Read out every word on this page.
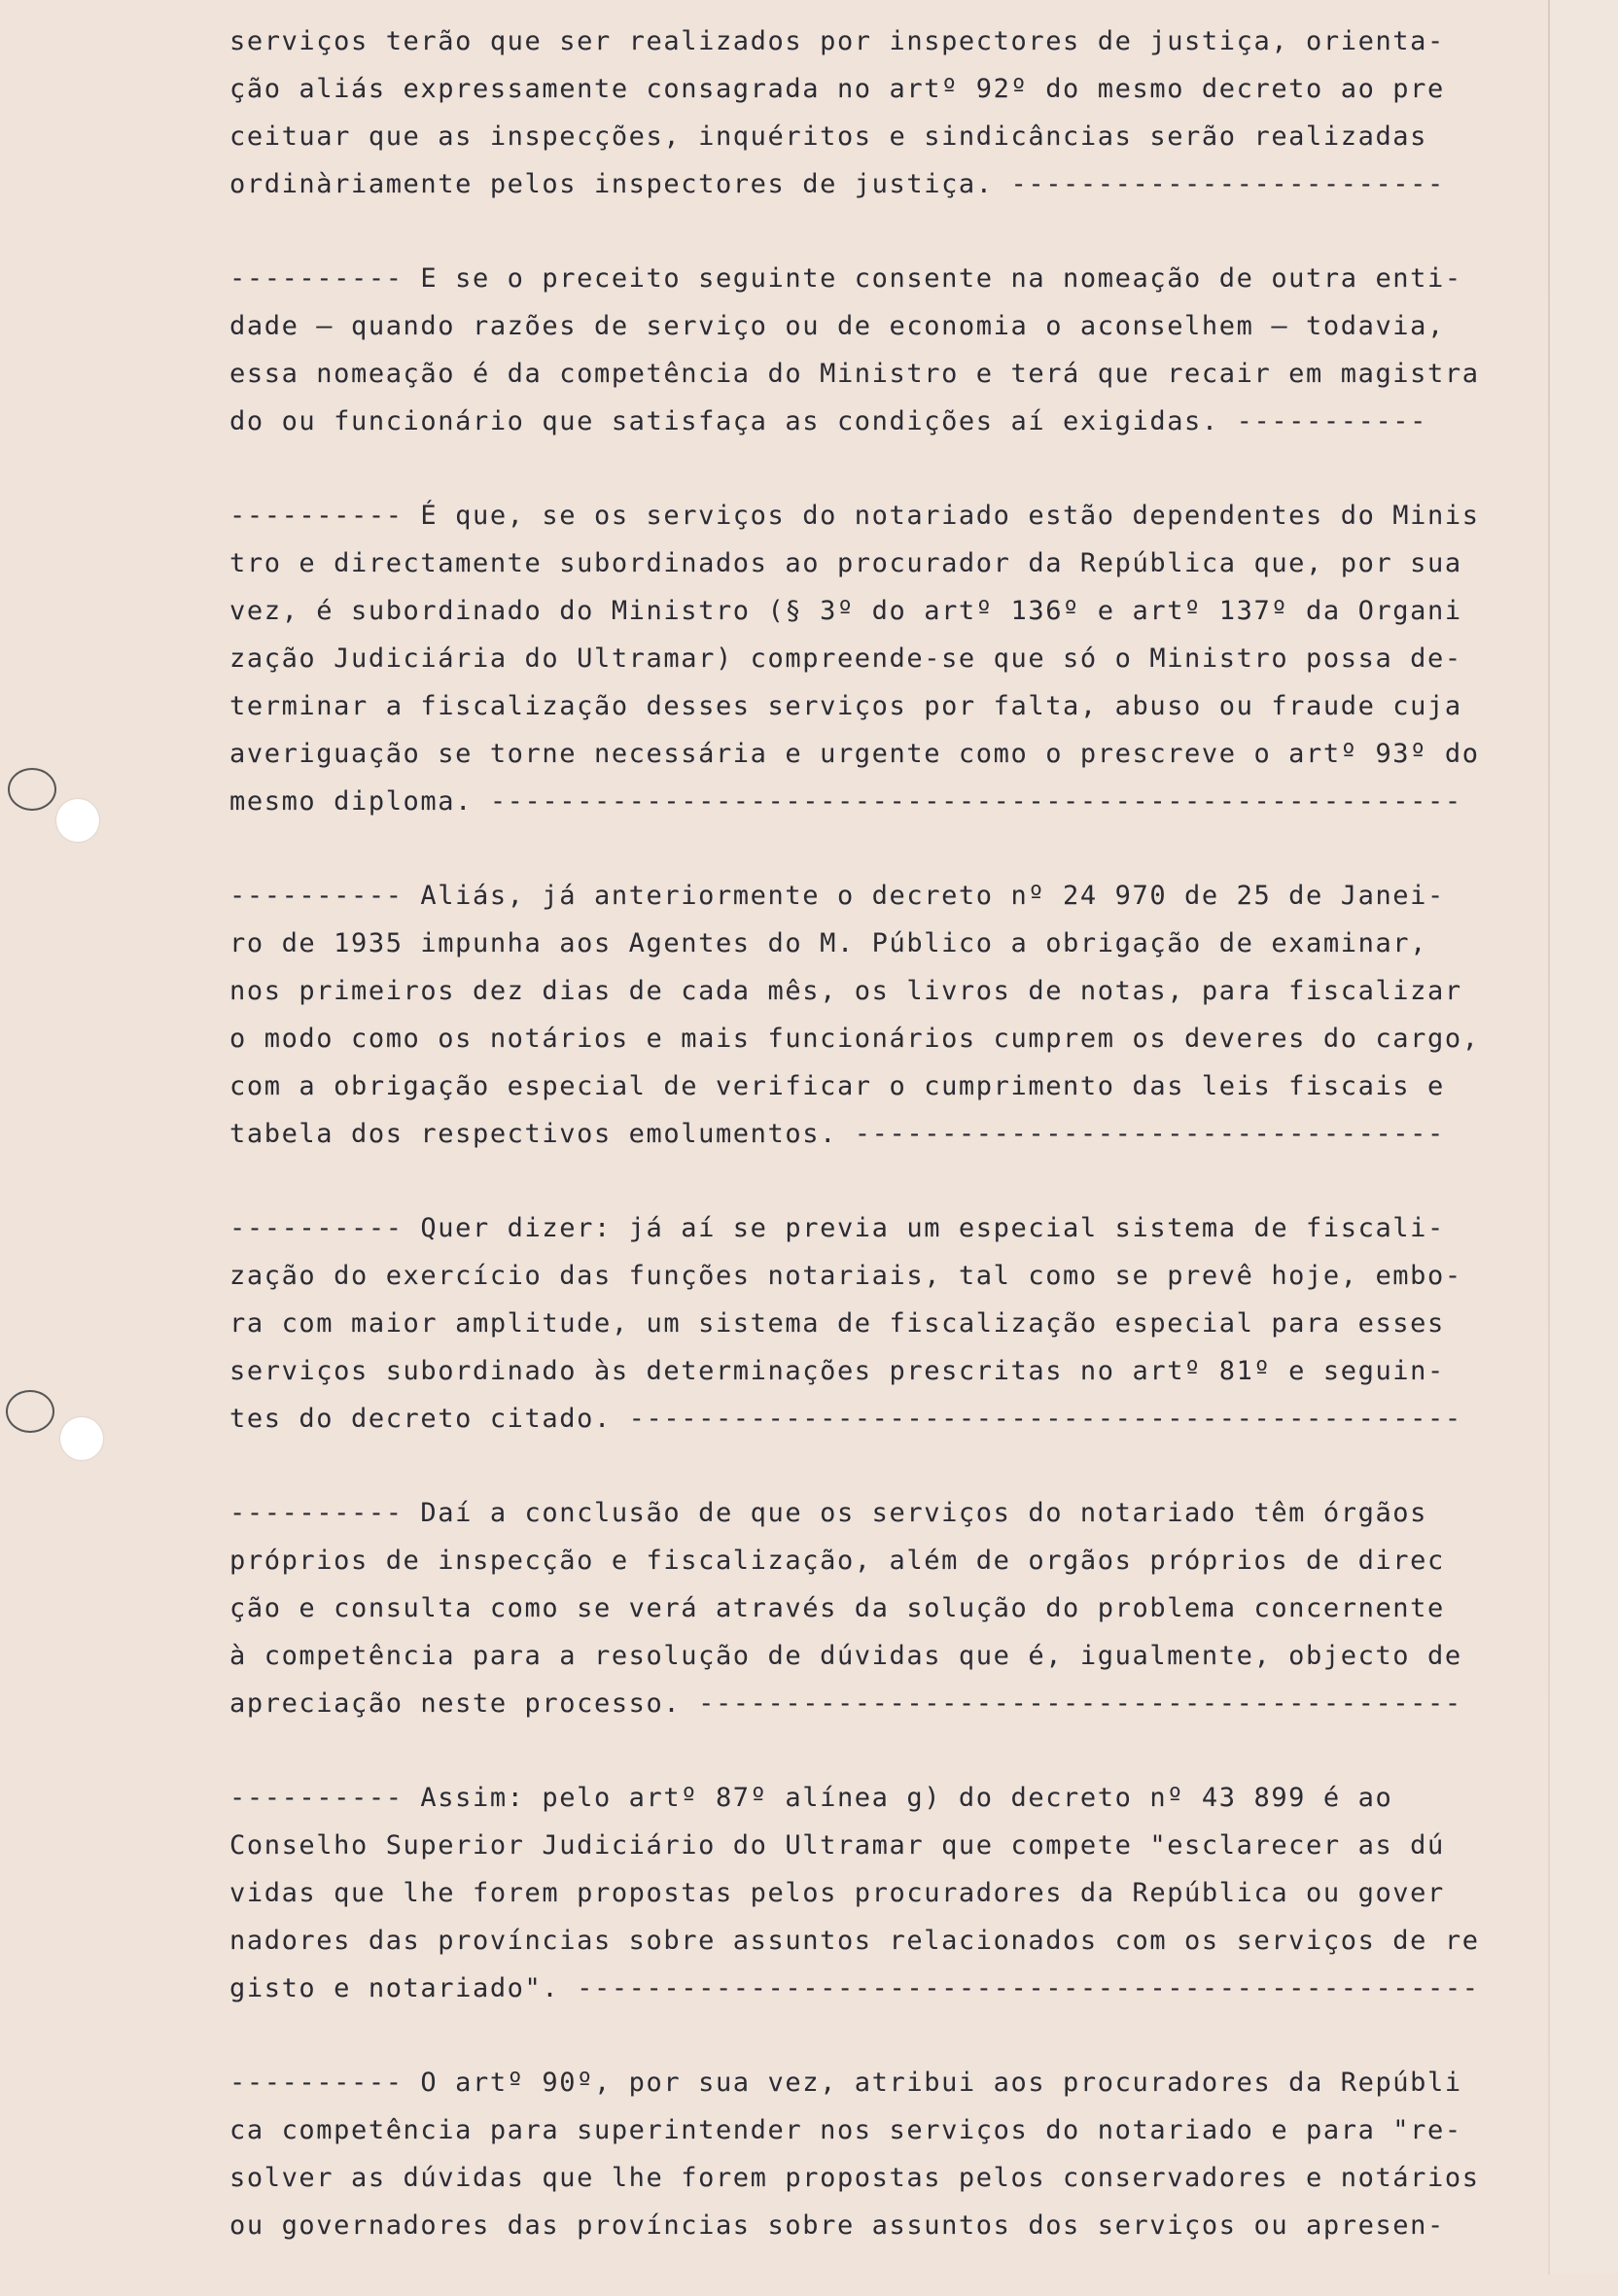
serviços terão que ser realizados por inspectores de justiça, orienta-
ção aliás expressamente consagrada no artº 92º do mesmo decreto ao pre
ceituar que as inspecções, inquéritos e sindicâncias serão realizadas
ordinàriamente pelos inspectores de justiça. -------------------------
---------- E se o preceito seguinte consente na nomeação de outra enti-
dade — quando razões de serviço ou de economia o aconselhem — todavia,
essa nomeação é da competência do Ministro e terá que recair em magistra
do ou funcionário que satisfaça as condições aí exigidas. -----------
---------- É que, se os serviços do notariado estão dependentes do Minis
tro e directamente subordinados ao procurador da República que, por sua
vez, é subordinado do Ministro (§ 3º do artº 136º e artº 137º da Organi
zação Judiciária do Ultramar) compreende-se que só o Ministro possa de-
terminar a fiscalização desses serviços por falta, abuso ou fraude cuja
averiguação se torne necessária e urgente como o prescreve o artº 93º do
mesmo diploma. --------------------------------------------------------
---------- Aliás, já anteriormente o decreto nº 24 970 de 25 de Janei-
ro de 1935 impunha aos Agentes do M. Público a obrigação de examinar,
nos primeiros dez dias de cada mês, os livros de notas, para fiscalizar
o modo como os notários e mais funcionários cumprem os deveres do cargo,
com a obrigação especial de verificar o cumprimento das leis fiscais e
tabela dos respectivos emolumentos. ----------------------------------
---------- Quer dizer: já aí se previa um especial sistema de fiscali-
zação do exercício das funções notariais, tal como se prevê hoje, embo-
ra com maior amplitude, um sistema de fiscalização especial para esses
serviços subordinado às determinações prescritas no artº 81º e seguin-
tes do decreto citado. ------------------------------------------------
---------- Daí a conclusão de que os serviços do notariado têm órgãos
próprios de inspecção e fiscalização, além de orgãos próprios de direc
ção e consulta como se verá através da solução do problema concernente
à competência para a resolução de dúvidas que é, igualmente, objecto de
apreciação neste processo. --------------------------------------------
---------- Assim: pelo artº 87º alínea g) do decreto nº 43 899 é ao
Conselho Superior Judiciário do Ultramar que compete "esclarecer as dú
vidas que lhe forem propostas pelos procuradores da República ou gover
nadores das províncias sobre assuntos relacionados com os serviços de re
gisto e notariado". ----------------------------------------------------
---------- O artº 90º, por sua vez, atribui aos procuradores da Repúbli
ca competência para superintender nos serviços do notariado e para "re-
solver as dúvidas que lhe forem propostas pelos conservadores e notários
ou governadores das províncias sobre assuntos dos serviços ou apresen-
